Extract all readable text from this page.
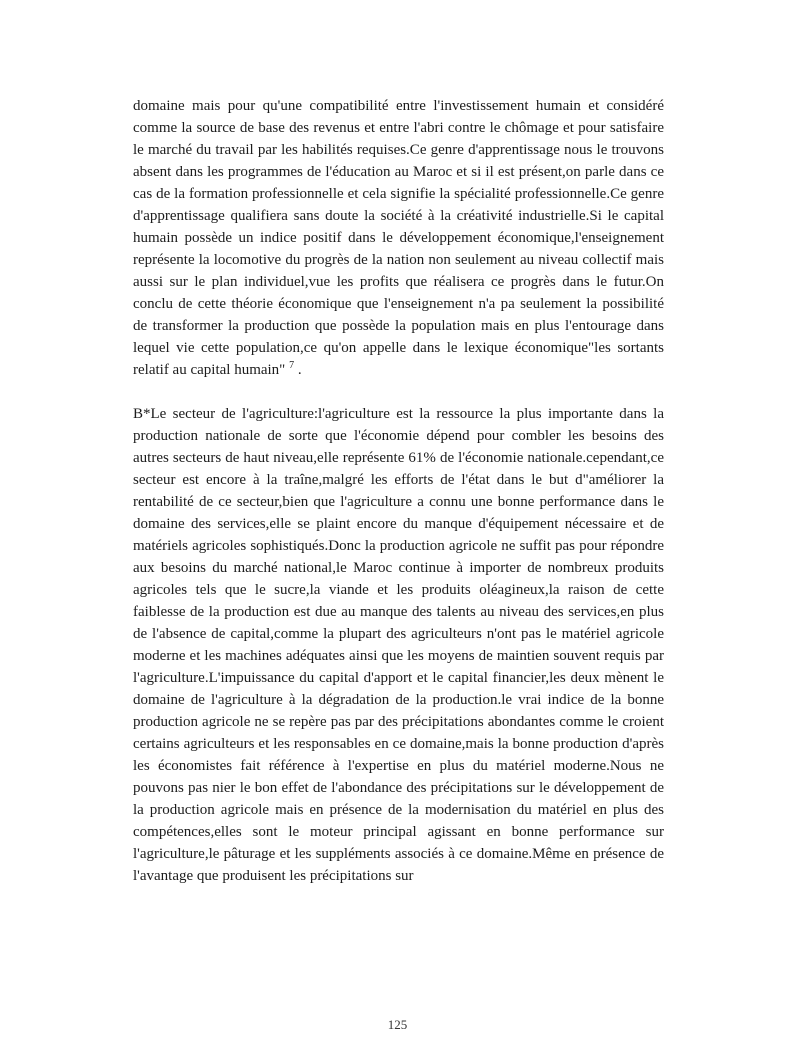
domaine mais pour qu'une compatibilité entre l'investissement humain et considéré comme la source de base des revenus et entre l'abri contre le chômage et pour satisfaire le marché du travail par les habilités requises.Ce genre d'apprentissage nous le trouvons absent dans les programmes de l'éducation au Maroc et si il est présent,on parle dans ce cas de la formation professionnelle et cela signifie la spécialité professionnelle.Ce genre d'apprentissage qualifiera sans doute la société à la créativité industrielle.Si le capital humain possède un indice positif dans le développement économique,l'enseignement représente la locomotive du progrès de la nation non seulement au niveau collectif mais aussi sur le plan individuel,vue les profits que réalisera ce progrès dans le futur.On conclu de cette théorie économique que l'enseignement n'a pa seulement la possibilité de transformer la production que possède la population mais en plus l'entourage dans lequel vie cette population,ce qu'on appelle dans le lexique économique"les sortants relatif au capital humain" $^7$ .

B*Le secteur de l'agriculture:l'agriculture est la ressource la plus importante dans la production nationale de sorte que l'économie dépend pour combler les besoins des autres secteurs de haut niveau,elle représente 61% de l'économie nationale.cependant,ce secteur est encore à la traîne,malgré les efforts de l'état dans le but d"améliorer la rentabilité de ce secteur,bien que l'agriculture a connu une bonne performance dans le domaine des services,elle se plaint encore du manque d'équipement nécessaire et de matériels agricoles sophistiqués.Donc la production agricole ne suffit pas pour répondre aux besoins du marché national,le Maroc continue à importer de nombreux produits agricoles tels que le sucre,la viande et les produits oléagineux,la raison de cette faiblesse de la production est due au manque des talents au niveau des services,en plus de l'absence de capital,comme la plupart des agriculteurs n'ont pas le matériel agricole moderne et les machines adéquates ainsi que les moyens de maintien souvent requis par l'agriculture.L'impuissance du capital d'apport et le capital financier,les deux mènent le domaine de l'agriculture à la dégradation de la production.le vrai indice de la bonne production agricole ne se repère pas par des précipitations abondantes comme le croient certains agriculteurs et les responsables en ce domaine,mais la bonne production d'après les économistes fait référence à l'expertise en plus du matériel moderne.Nous ne pouvons pas nier le bon effet de l'abondance des précipitations sur le développement de la production agricole mais en présence de la modernisation du matériel en plus des compétences,elles sont le moteur principal agissant en bonne performance sur l'agriculture,le pâturage et les suppléments associés à ce domaine.Même en présence de l'avantage que produisent les précipitations sur

125
